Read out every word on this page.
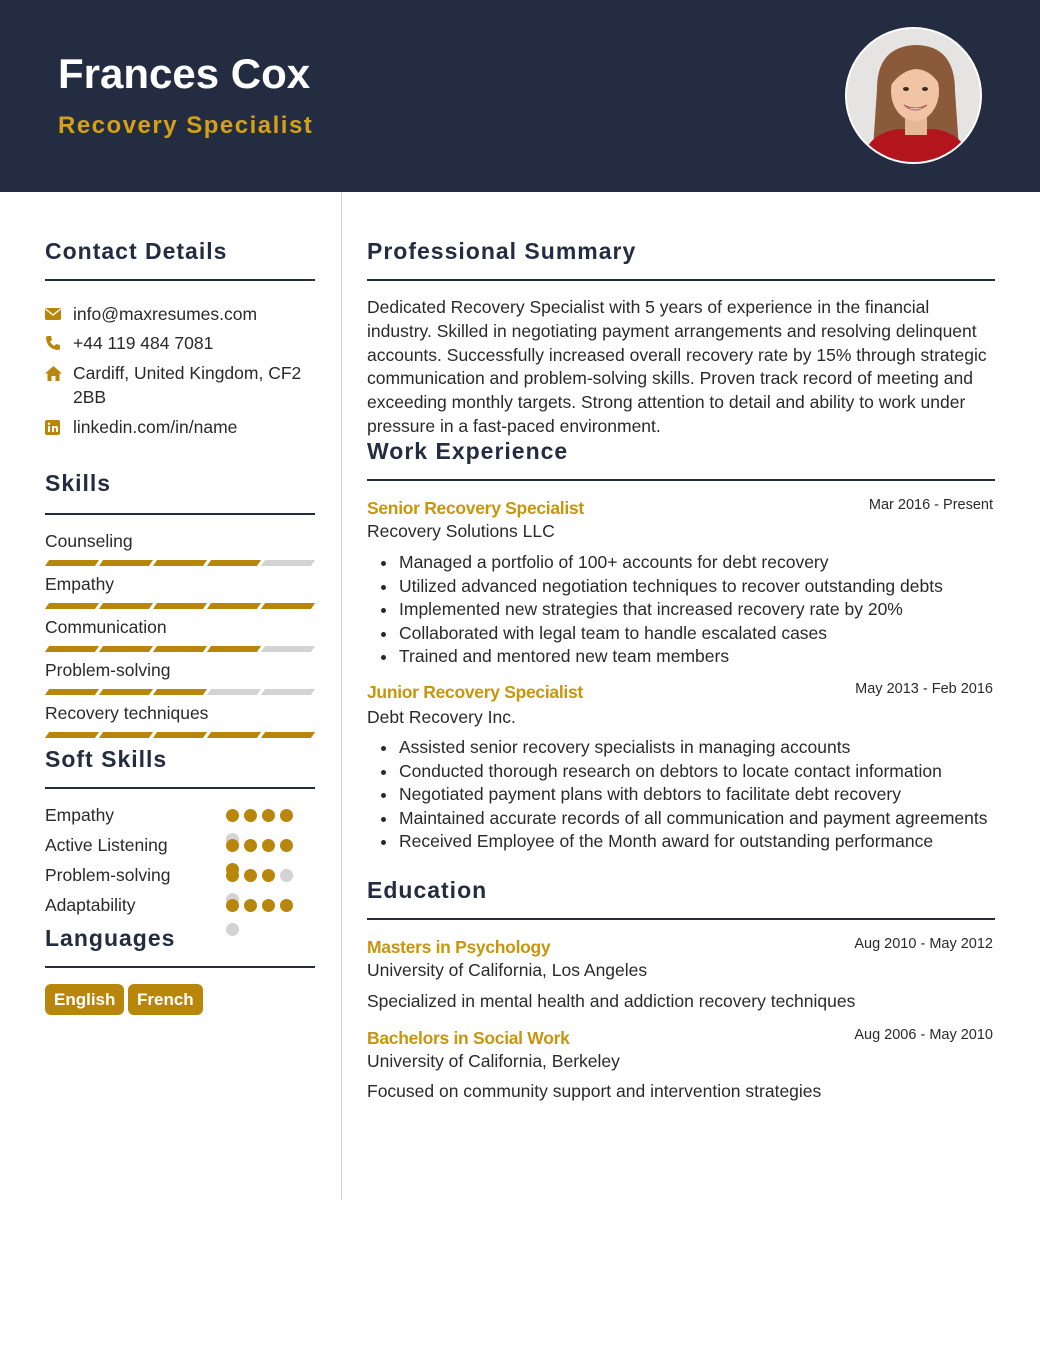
Frances Cox
Recovery Specialist
Contact Details
info@maxresumes.com
+44 119 484 7081
Cardiff, United Kingdom, CF2 2BB
linkedin.com/in/name
Skills
Counseling
Empathy
Communication
Problem-solving
Recovery techniques
Soft Skills
Empathy
Active Listening
Problem-solving
Adaptability
Languages
English	French
Professional Summary
Dedicated Recovery Specialist with 5 years of experience in the financial industry. Skilled in negotiating payment arrangements and resolving delinquent accounts. Successfully increased overall recovery rate by 15% through strategic communication and problem-solving skills. Proven track record of meeting and exceeding monthly targets. Strong attention to detail and ability to work under pressure in a fast-paced environment.
Work Experience
Senior Recovery Specialist	Mar 2016 - Present
Recovery Solutions LLC
Managed a portfolio of 100+ accounts for debt recovery
Utilized advanced negotiation techniques to recover outstanding debts
Implemented new strategies that increased recovery rate by 20%
Collaborated with legal team to handle escalated cases
Trained and mentored new team members
Junior Recovery Specialist	May 2013 - Feb 2016
Debt Recovery Inc.
Assisted senior recovery specialists in managing accounts
Conducted thorough research on debtors to locate contact information
Negotiated payment plans with debtors to facilitate debt recovery
Maintained accurate records of all communication and payment agreements
Received Employee of the Month award for outstanding performance
Education
Masters in Psychology	Aug 2010 - May 2012
University of California, Los Angeles
Specialized in mental health and addiction recovery techniques
Bachelors in Social Work	Aug 2006 - May 2010
University of California, Berkeley
Focused on community support and intervention strategies
